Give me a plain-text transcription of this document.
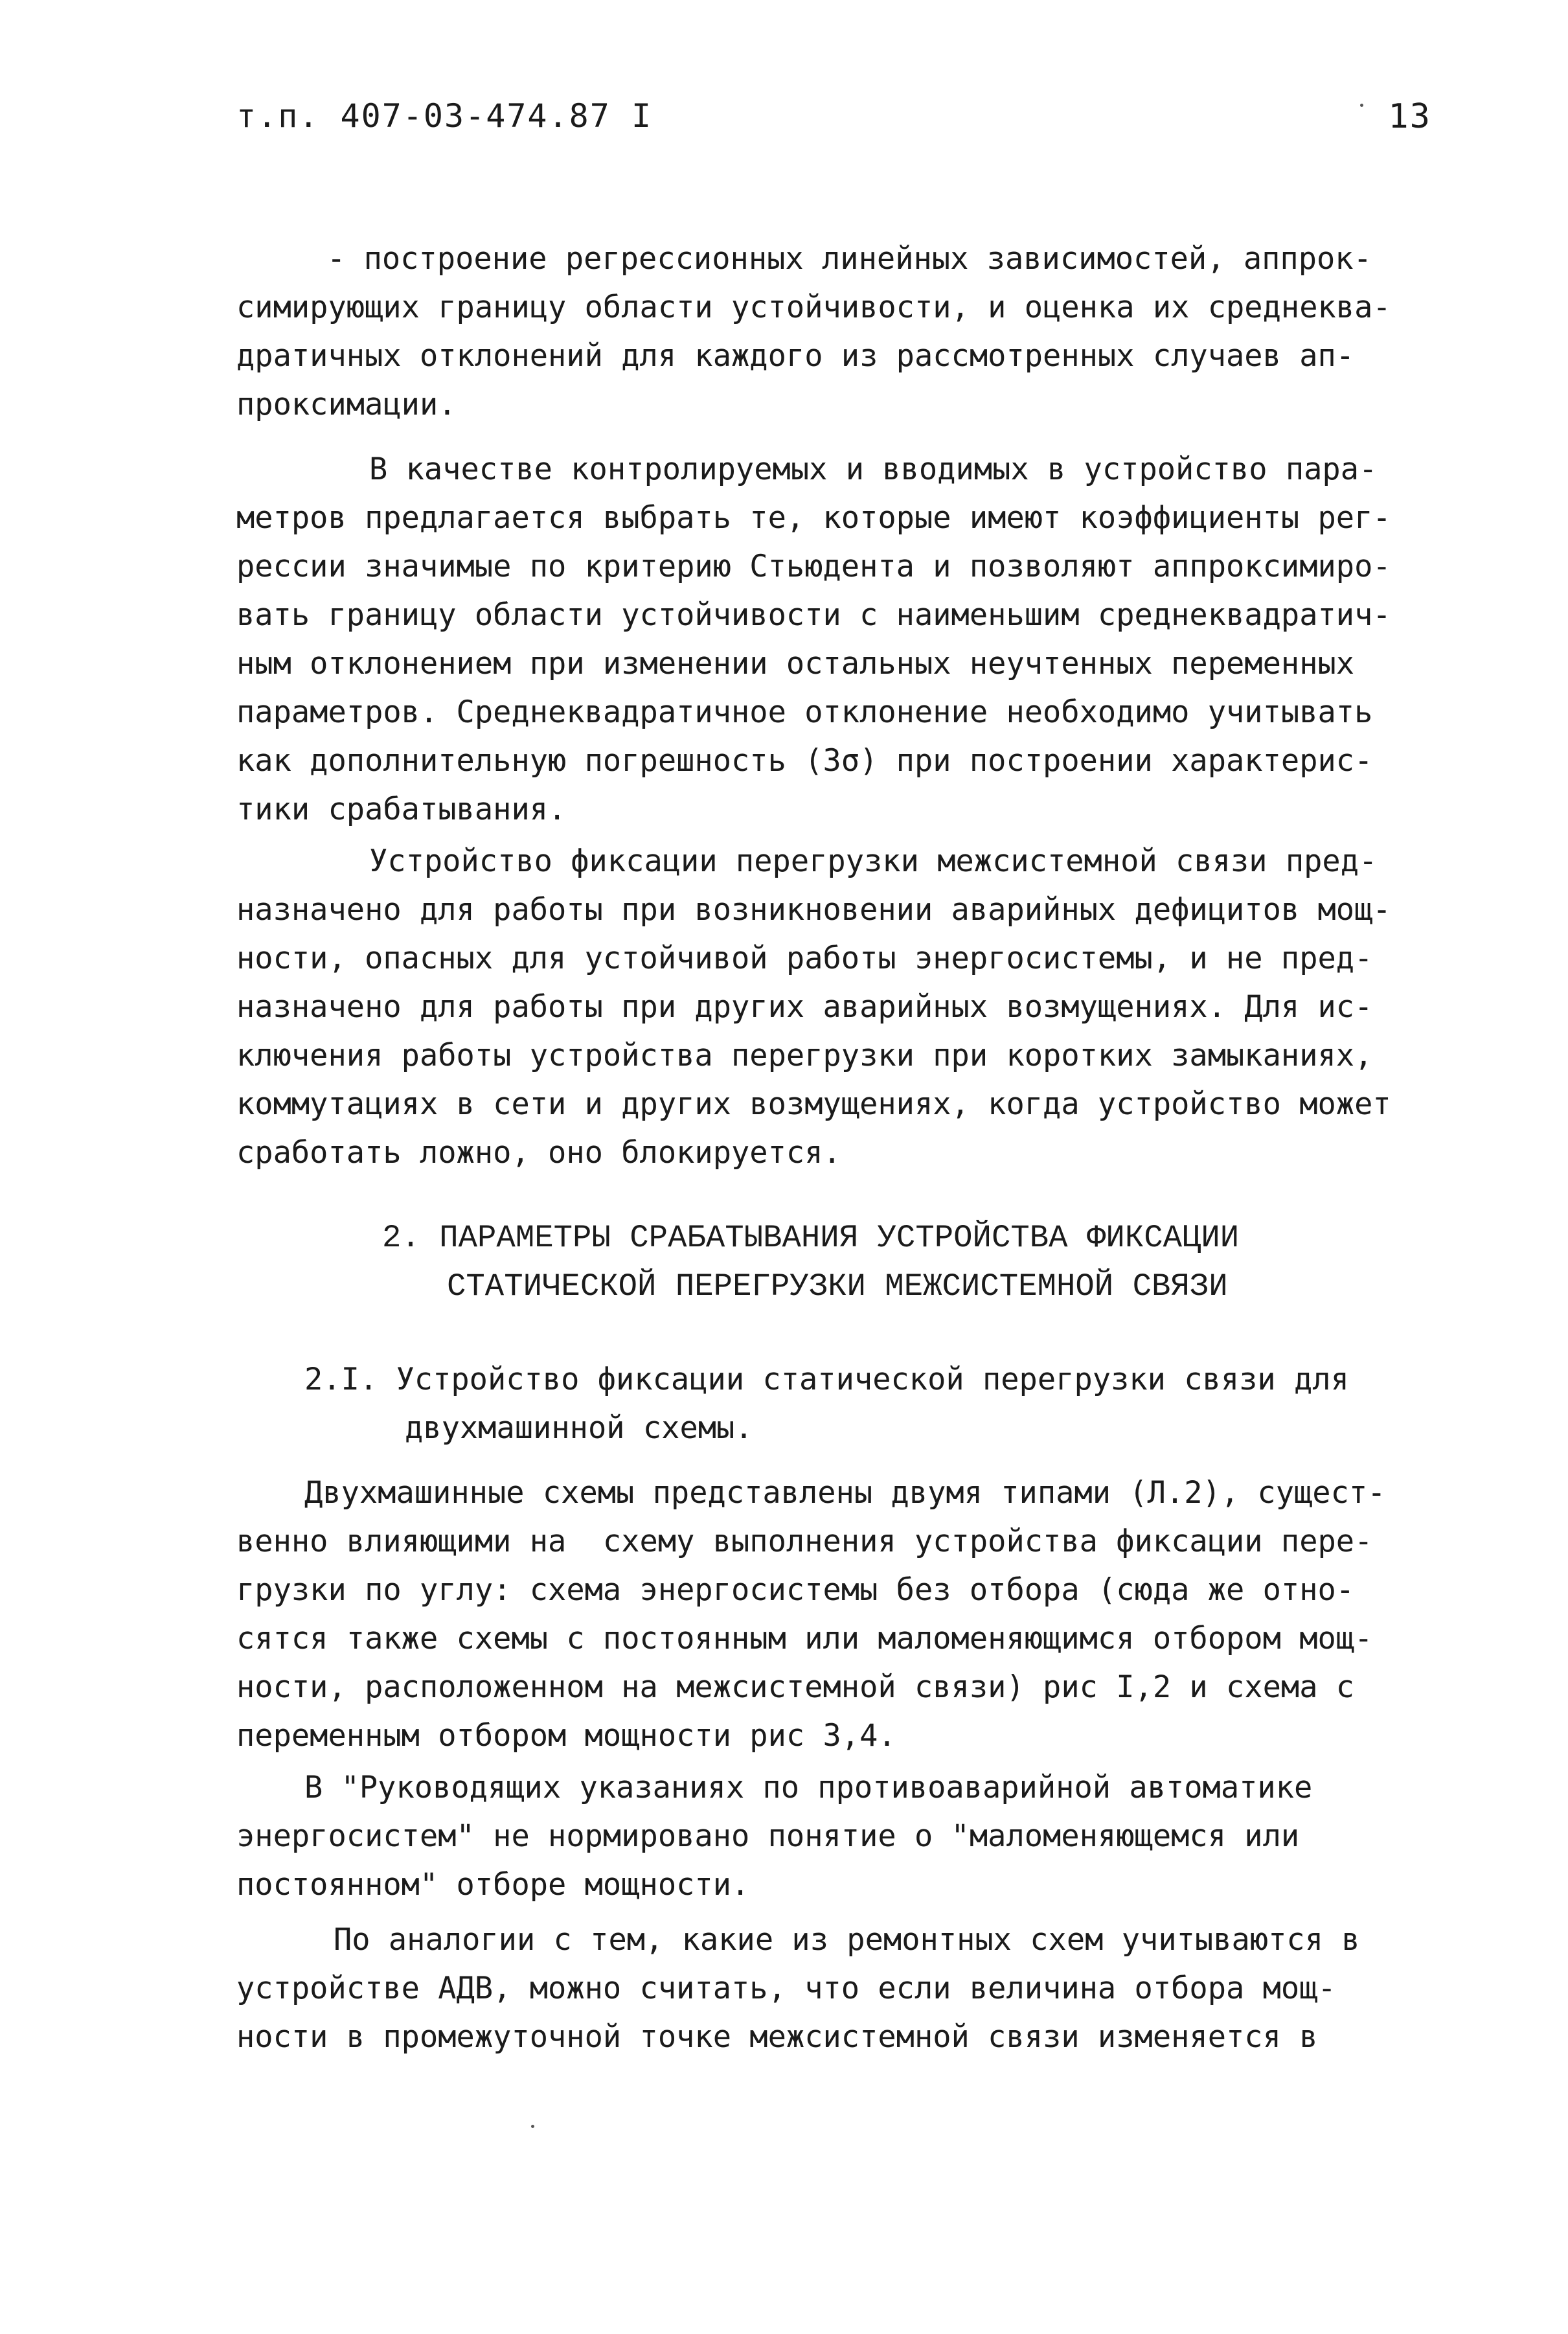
т.п. 407-03-474.87 I	13
- построение регрессионных линейных зависимостей, аппрок-
симирующих границу области устойчивости, и оценка их среднеква-
дратичных отклонений для каждого из рассмотренных случаев ап-
проксимации.
В качестве контролируемых и вводимых в устройство пара-
метров предлагается выбрать те, которые имеют коэффициенты рег-
рессии значимые по критерию Стьюдента и позволяют аппроксимиро-
вать границу области устойчивости с наименьшим среднеквадратич-
ным отклонением при изменении остальных неучтенных переменных
параметров. Среднеквадратичное отклонение необходимо учитывать
как дополнительную погрешность (3σ) при построении характерис-
тики срабатывания.
Устройство фиксации перегрузки межсистемной связи пред-
назначено для работы при возникновении аварийных дефицитов мощ-
ности, опасных для устойчивой работы энергосистемы, и не пред-
назначено для работы при других аварийных возмущениях. Для ис-
ключения работы устройства перегрузки при коротких замыканиях,
коммутациях в сети и других возмущениях, когда устройство может
сработать ложно, оно блокируется.
2. ПАРАМЕТРЫ СРАБАТЫВАНИЯ УСТРОЙСТВА ФИКСАЦИИ
СТАТИЧЕСКОЙ ПЕРЕГРУЗКИ МЕЖСИСТЕМНОЙ СВЯЗИ
2.I. Устройство фиксации статической перегрузки связи для
двухмашинной схемы.
Двухмашинные схемы представлены двумя типами (Л.2), сущест-
венно влияющими на  схему выполнения устройства фиксации пере-
грузки по углу: схема энергосистемы без отбора (сюда же отно-
сятся также схемы с постоянным или маломеняющимся отбором мощ-
ности, расположенном на межсистемной связи) рис I,2 и схема с
переменным отбором мощности рис 3,4.
В "Руководящих указаниях по противоаварийной автоматике
энергосистем" не нормировано понятие о "маломеняющемся или
постоянном" отборе мощности.
По аналогии с тем, какие из ремонтных схем учитываются в
устройстве АДВ, можно считать, что если величина отбора мощ-
ности в промежуточной точке межсистемной связи изменяется в
